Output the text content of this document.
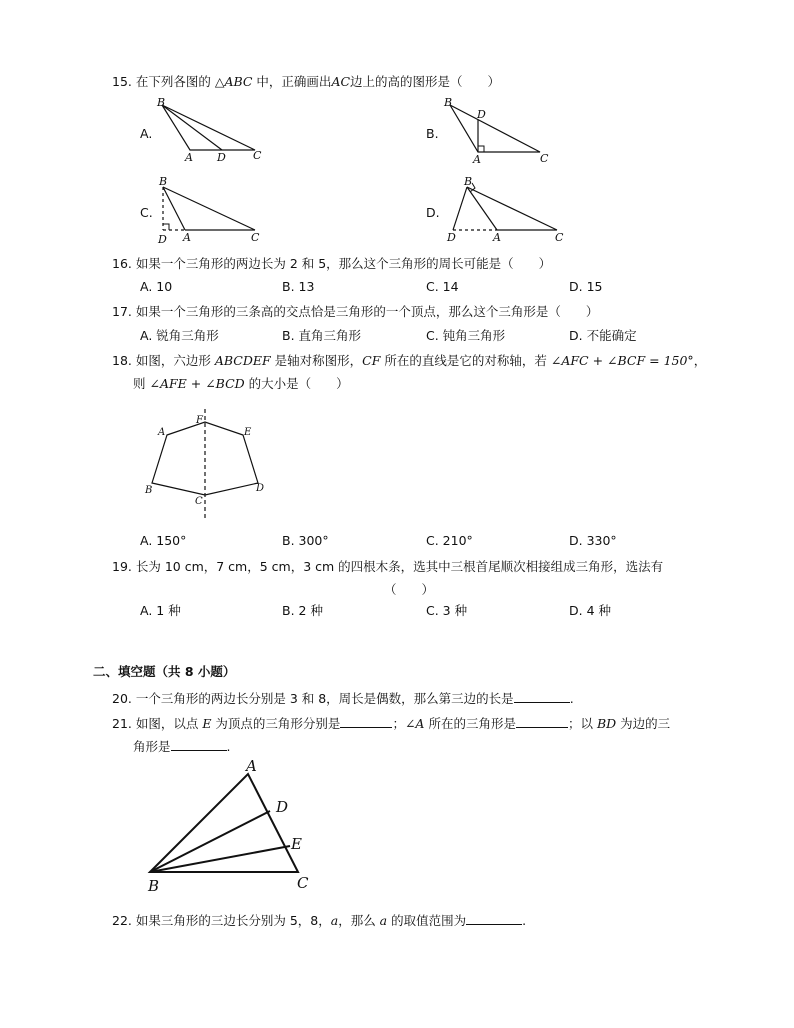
15. 在下列各图的 △ABC 中，正确画出AC边上的高的图形是（　　）
A.
B
A D C
B.
B
D
A	C
C.
B
D A	C
D.
B
D	A	C
16. 如果一个三角形的两边长为 2 和 5，那么这个三角形的周长可能是（　　）
A. 10	B. 13	C. 14	D. 15
17. 如果一个三角形的三条高的交点恰是三角形的一个顶点，那么这个三角形是（　　）
A. 锐角三角形	B. 直角三角形	C. 钝角三角形	D. 不能确定
18. 如图，六边形 ABCDEF 是轴对称图形，CF 所在的直线是它的对称轴，若 ∠AFC + ∠BCF = 150°，
则 ∠AFE + ∠BCD 的大小是（　　）
A
F
E
B
C
D
A. 150°	B. 300°	C. 210°	D. 330°
19. 长为 10 cm，7 cm，5 cm，3 cm 的四根木条，选其中三根首尾顺次相接组成三角形，选法有
（　　）
A. 1 种	B. 2 种	C. 3 种	D. 4 种
二、填空题（共 8 小题）
20. 一个三角形的两边长分别是 3 和 8，周长是偶数，那么第三边的长是	.
21. 如图，以点 E 为顶点的三角形分别是	；∠A 所在的三角形是	；以 BD 为边的三
角形是	.
A
D
E
B	C
22. 如果三角形的三边长分别为 5，8，a，那么 a 的取值范围为	.
